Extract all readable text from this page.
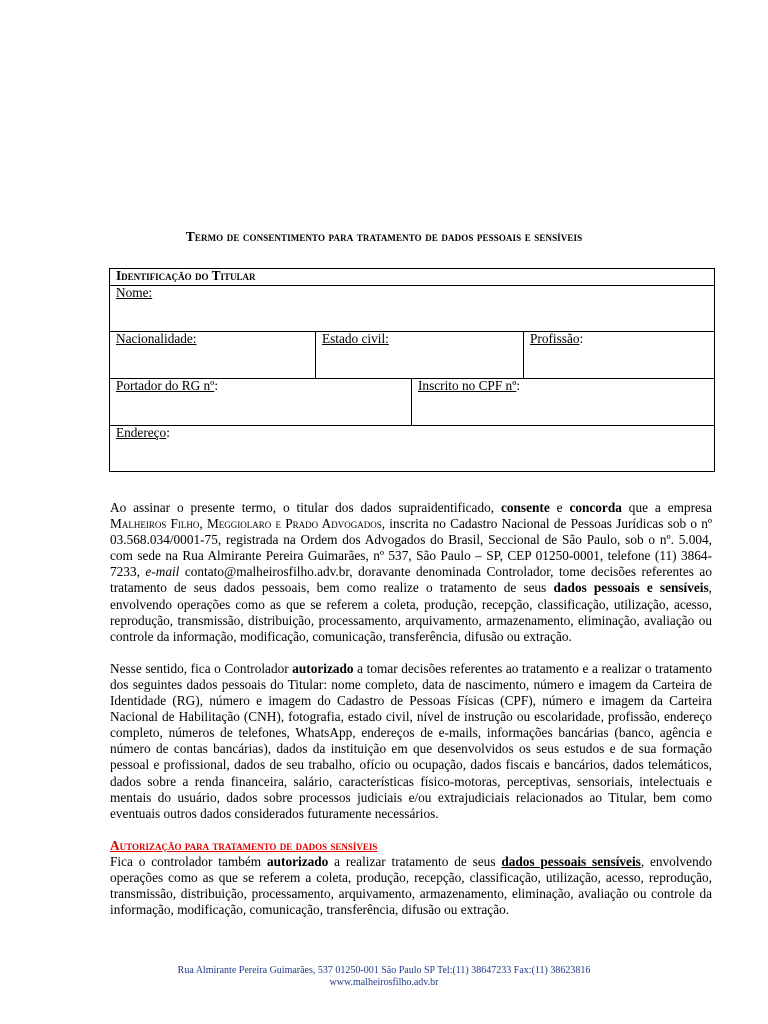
Termo de consentimento para tratamento de dados pessoais e sensíveis
Identificação do Titular			
Nome:			
Nacionalidade:	Estado civil:		Profissão:
Portador do RG nº:		Inscrito no CPF nº:	
Endereço:			

Ao assinar o presente termo, o titular dos dados supraidentificado, consente e concorda que a empresa Malheiros Filho, Meggiolaro e Prado Advogados, inscrita no Cadastro Nacional de Pessoas Jurídicas sob o nº 03.568.034/0001-75, registrada na Ordem dos Advogados do Brasil, Seccional de São Paulo, sob o nº. 5.004, com sede na Rua Almirante Pereira Guimarães, nº 537, São Paulo – SP, CEP 01250-0001, telefone (11) 3864-7233, e-mail contato@malheirosfilho.adv.br, doravante denominada Controlador, tome decisões referentes ao tratamento de seus dados pessoais, bem como realize o tratamento de seus dados pessoais e sensíveis, envolvendo operações como as que se referem a coleta, produção, recepção, classificação, utilização, acesso, reprodução, transmissão, distribuição, processamento, arquivamento, armazenamento, eliminação, avaliação ou controle da informação, modificação, comunicação, transferência, difusão ou extração.

Nesse sentido, fica o Controlador autorizado a tomar decisões referentes ao tratamento e a realizar o tratamento dos seguintes dados pessoais do Titular: nome completo, data de nascimento, número e imagem da Carteira de Identidade (RG), número e imagem do Cadastro de Pessoas Físicas (CPF), número e imagem da Carteira Nacional de Habilitação (CNH), fotografia, estado civil, nível de instrução ou escolaridade, profissão, endereço completo, números de telefones, WhatsApp, endereços de e-mails, informações bancárias (banco, agência e número de contas bancárias), dados da instituição em que desenvolvidos os seus estudos e de sua formação pessoal e profissional, dados de seu trabalho, ofício ou ocupação, dados fiscais e bancários, dados telemáticos, dados sobre a renda financeira, salário, características físico-motoras, perceptivas, sensoriais, intelectuais e mentais do usuário, dados sobre processos judiciais e/ou extrajudiciais relacionados ao Titular, bem como eventuais outros dados considerados futuramente necessários.

Autorização para tratamento de dados sensíveis

Fica o controlador também autorizado a realizar tratamento de seus dados pessoais sensíveis, envolvendo operações como as que se referem a coleta, produção, recepção, classificação, utilização, acesso, reprodução, transmissão, distribuição, processamento, arquivamento, armazenamento, eliminação, avaliação ou controle da informação, modificação, comunicação, transferência, difusão ou extração.

Rua Almirante Pereira Guimarães, 537 01250-001 São Paulo SP Tel:(11) 38647233 Fax:(11) 38623816
www.malheirosfilho.adv.br
